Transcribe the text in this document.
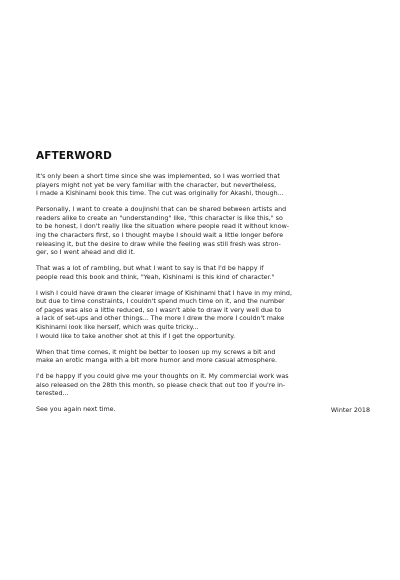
AFTERWORD

It's only been a short time since she was implemented, so I was worried that
players might not yet be very familiar with the character, but nevertheless,
I made a Kishinami book this time. The cut was originally for Akashi, though...

Personally, I want to create a doujinshi that can be shared between artists and
readers alike to create an "understanding" like, "this character is like this," so
to be honest, I don't really like the situation where people read it without know-
ing the characters first, so I thought maybe I should wait a little longer before
releasing it, but the desire to draw while the feeling was still fresh was stron-
ger, so I went ahead and did it.

That was a lot of rambling, but what I want to say is that I'd be happy if
people read this book and think, "Yeah, Kishinami is this kind of character."

I wish I could have drawn the clearer image of Kishinami that I have in my mind,
but due to time constraints, I couldn't spend much time on it, and the number
of pages was also a little reduced, so I wasn't able to draw it very well due to
a lack of set-ups and other things... The more I drew the more I couldn't make
Kishinami look like herself, which was quite tricky...
I would like to take another shot at this if I get the opportunity.

When that time comes, it might be better to loosen up my screws a bit and
make an erotic manga with a bit more humor and more casual atmosphere.

I'd be happy if you could give me your thoughts on it. My commercial work was
also released on the 28th this month, so please check that out too if you're in-
terested...

See you again next time.	Winter 2018
